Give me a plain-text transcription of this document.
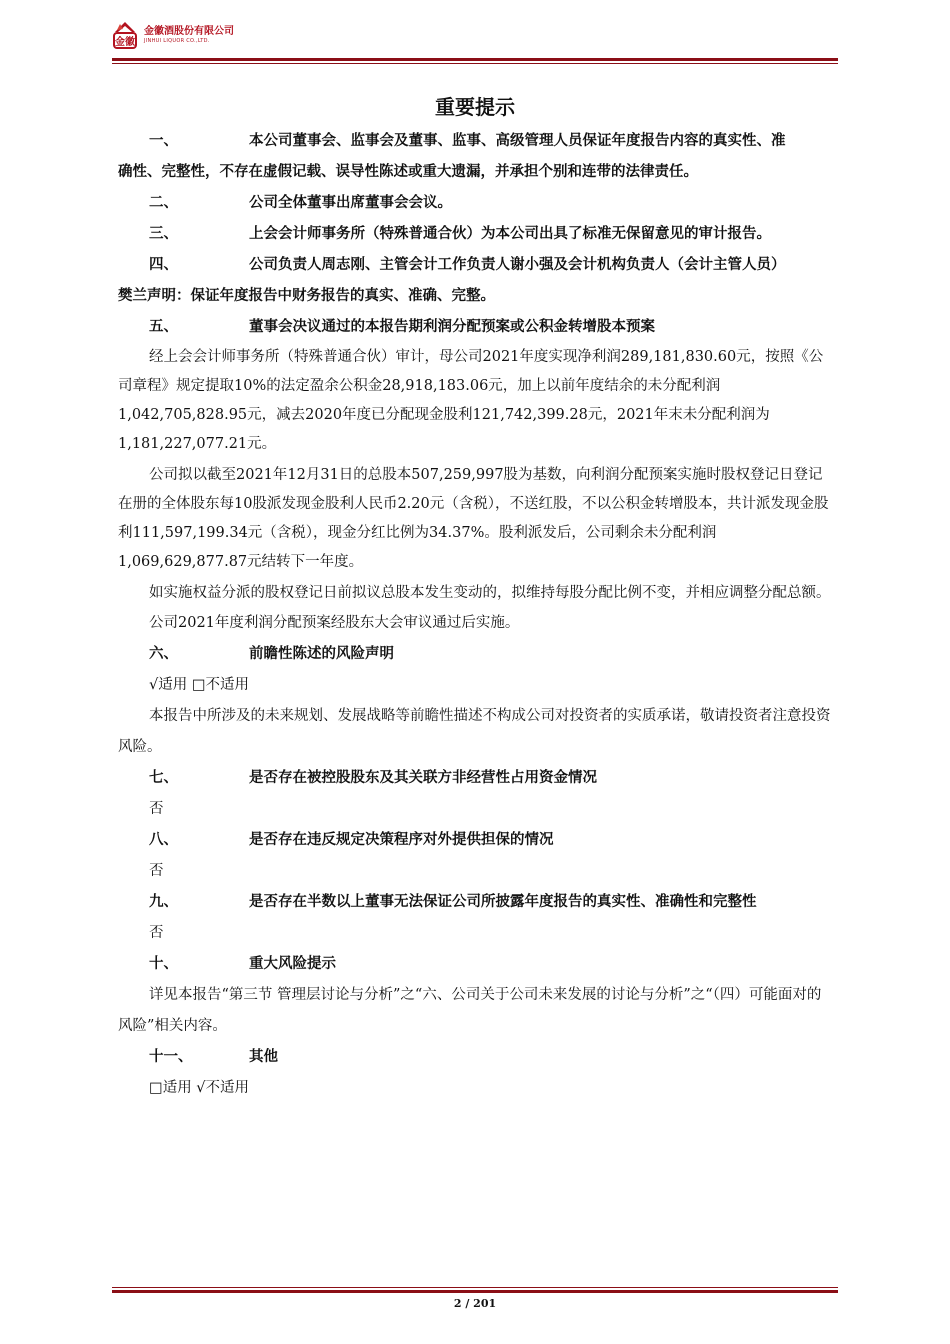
金徽
金徽酒股份有限公司
JINHUI LIQUOR CO.,LTD.
重要提示
一、	本公司董事会、监事会及董事、监事、高级管理人员保证年度报告内容的真实性、准

确性、完整性，不存在虚假记载、误导性陈述或重大遗漏，并承担个别和连带的法律责任。

二、	公司全体董事出席董事会会议。
三、	上会会计师事务所（特殊普通合伙）为本公司出具了标准无保留意见的审计报告。
四、	公司负责人周志刚、主管会计工作负责人谢小强及会计机构负责人（会计主管人员）

樊兰声明：保证年度报告中财务报告的真实、准确、完整。

五、	董事会决议通过的本报告期利润分配预案或公积金转增股本预案

经上会会计师事务所（特殊普通合伙）审计，母公司2021年度实现净利润289,181,830.60元，按照《公司章程》规定提取10%的法定盈余公积金28,918,183.06元，加上以前年度结余的未分配利润1,042,705,828.95元，减去2020年度已分配现金股利121,742,399.28元，2021年末未分配利润为1,181,227,077.21元。

公司拟以截至2021年12月31日的总股本507,259,997股为基数，向利润分配预案实施时股权登记日登记在册的全体股东每10股派发现金股利人民币2.20元（含税），不送红股，不以公积金转增股本，共计派发现金股利111,597,199.34元（含税），现金分红比例为34.37%。股利派发后，公司剩余未分配利润1,069,629,877.87元结转下一年度。

如实施权益分派的股权登记日前拟议总股本发生变动的，拟维持每股分配比例不变，并相应调整分配总额。

公司2021年度利润分配预案经股东大会审议通过后实施。

六、	前瞻性陈述的风险声明

√适用 □不适用

本报告中所涉及的未来规划、发展战略等前瞻性描述不构成公司对投资者的实质承诺，敬请投资者注意投资风险。

七、	是否存在被控股股东及其关联方非经营性占用资金情况

否

八、	是否存在违反规定决策程序对外提供担保的情况

否

九、	是否存在半数以上董事无法保证公司所披露年度报告的真实性、准确性和完整性

否

十、	重大风险提示

详见本报告“第三节 管理层讨论与分析”之“六、公司关于公司未来发展的讨论与分析”之“（四）可能面对的风险”相关内容。

十一、	其他

□适用 √不适用

2 / 201
